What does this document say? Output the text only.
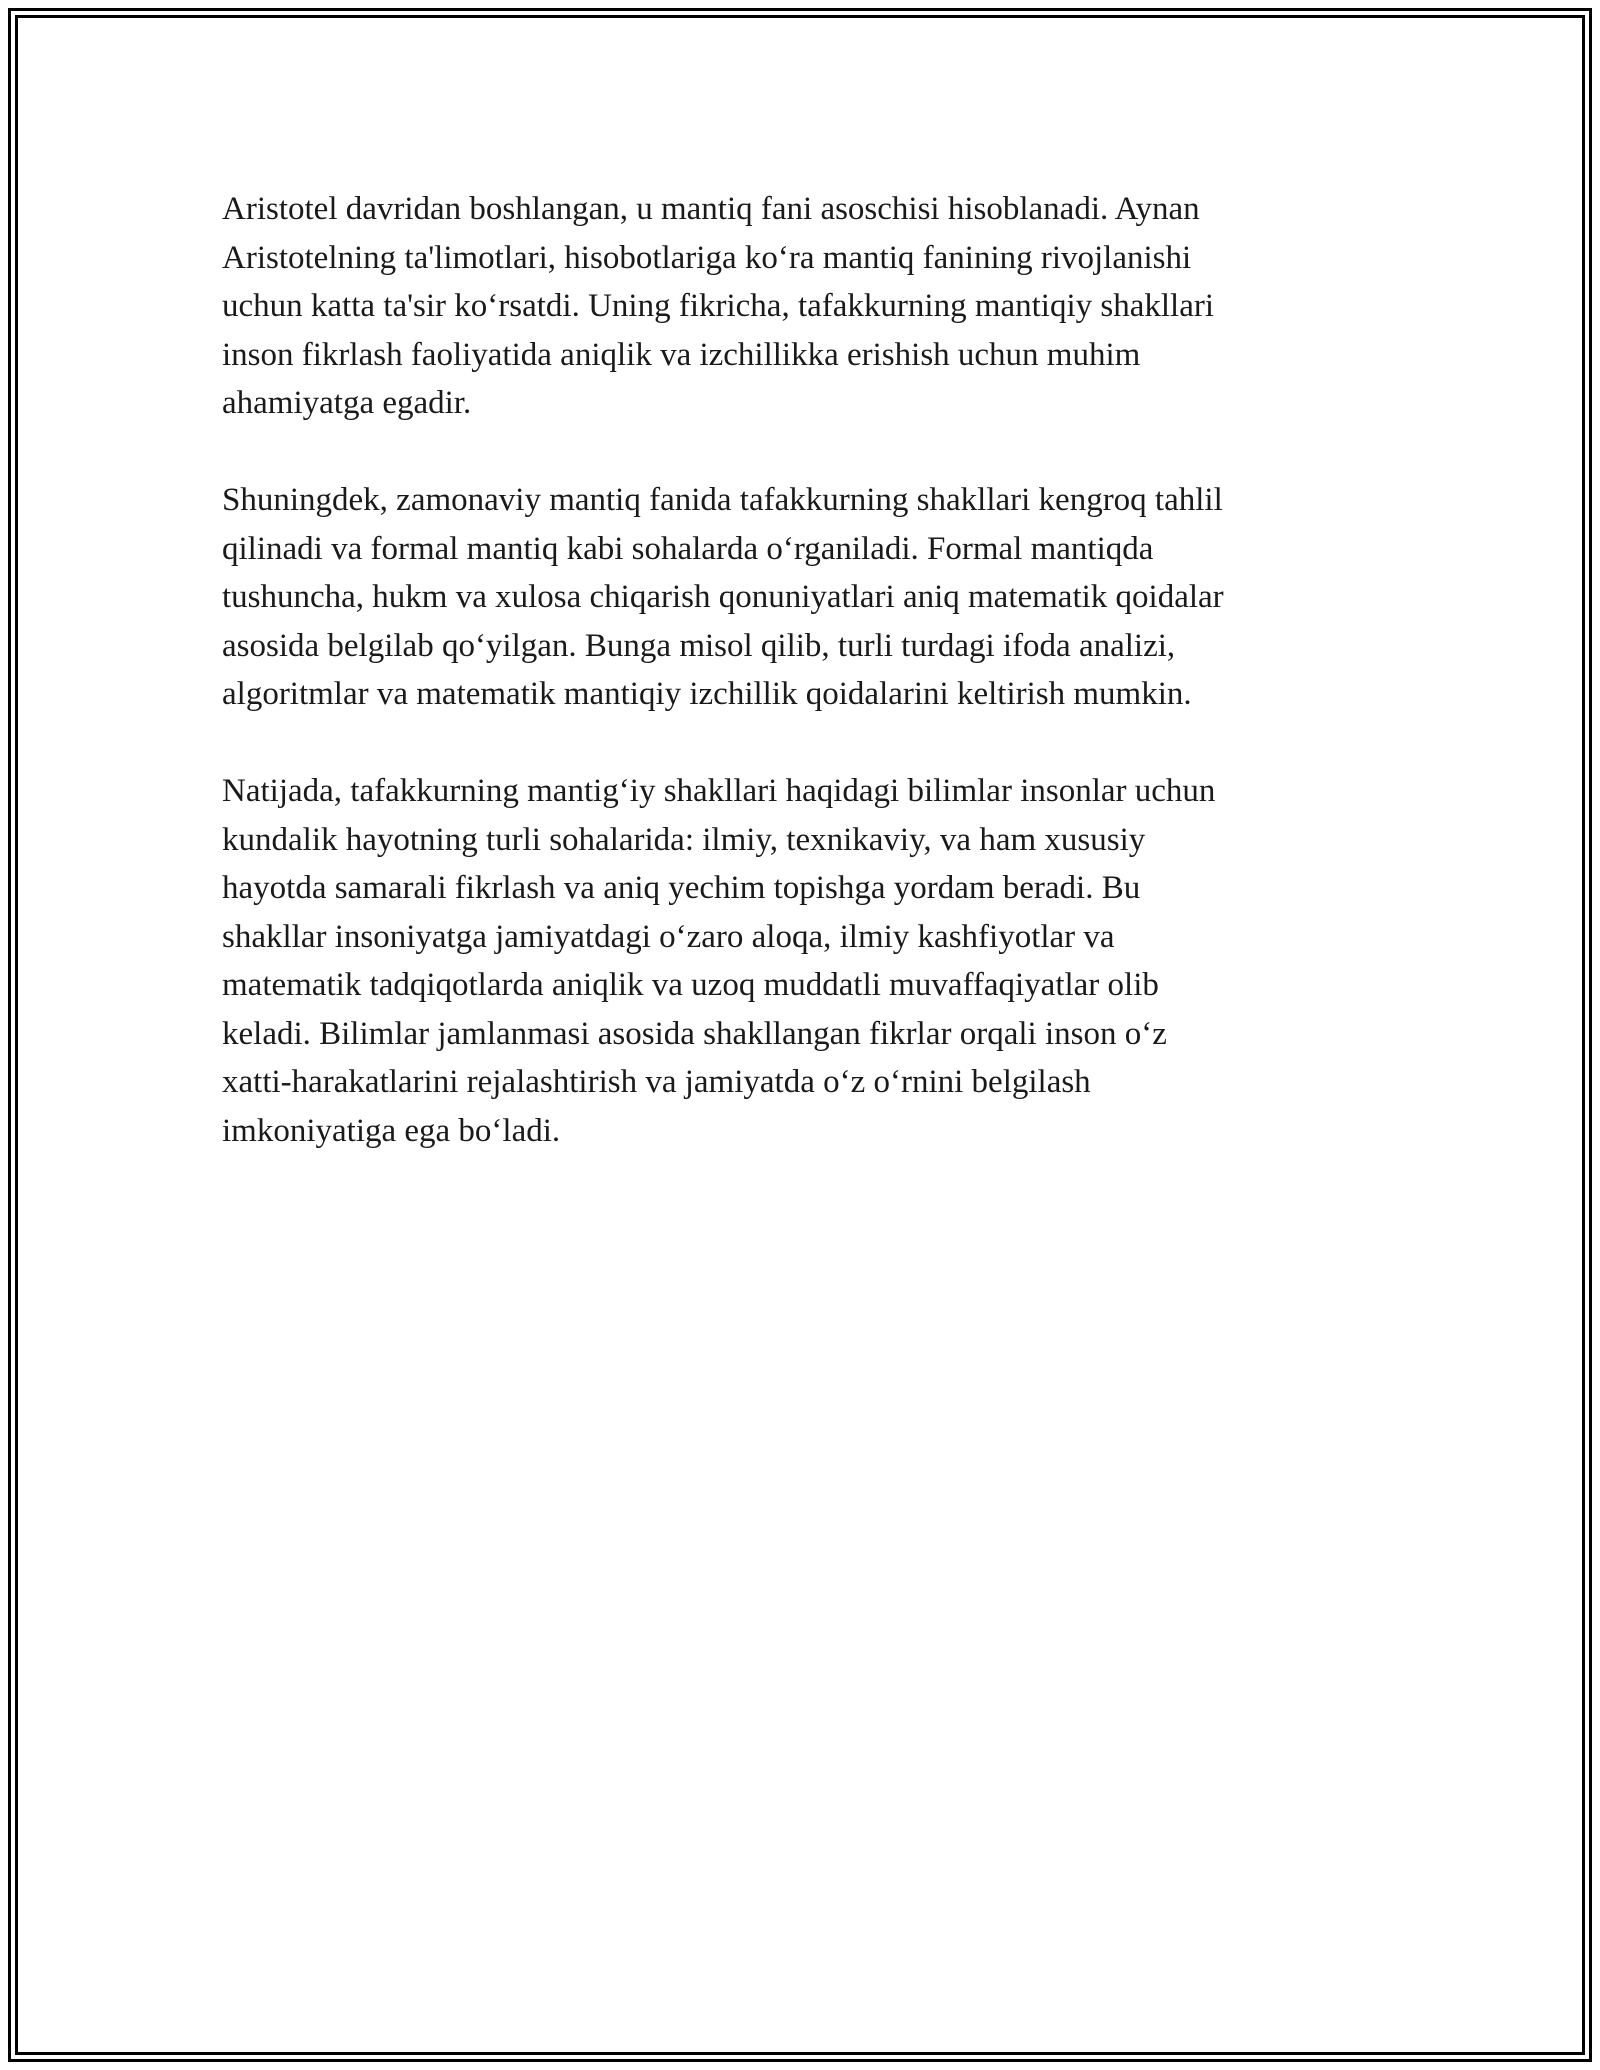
Aristotel davridan boshlangan, u mantiq fani asoschisi hisoblanadi. Aynan
Aristotelning ta'limotlari, hisobotlariga ko‘ra mantiq fanining rivojlanishi
uchun katta ta'sir ko‘rsatdi. Uning fikricha, tafakkurning mantiqiy shakllari
inson fikrlash faoliyatida aniqlik va izchillikka erishish uchun muhim
ahamiyatga egadir.

Shuningdek, zamonaviy mantiq fanida tafakkurning shakllari kengroq tahlil
qilinadi va formal mantiq kabi sohalarda o‘rganiladi. Formal mantiqda
tushuncha, hukm va xulosa chiqarish qonuniyatlari aniq matematik qoidalar
asosida belgilab qo‘yilgan. Bunga misol qilib, turli turdagi ifoda analizi,
algoritmlar va matematik mantiqiy izchillik qoidalarini keltirish mumkin.

Natijada, tafakkurning mantig‘iy shakllari haqidagi bilimlar insonlar uchun
kundalik hayotning turli sohalarida: ilmiy, texnikaviy, va ham xususiy
hayotda samarali fikrlash va aniq yechim topishga yordam beradi. Bu
shakllar insoniyatga jamiyatdagi o‘zaro aloqa, ilmiy kashfiyotlar va
matematik tadqiqotlarda aniqlik va uzoq muddatli muvaffaqiyatlar olib
keladi. Bilimlar jamlanmasi asosida shakllangan fikrlar orqali inson o‘z
xatti-harakatlarini rejalashtirish va jamiyatda o‘z o‘rnini belgilash
imkoniyatiga ega bo‘ladi.
